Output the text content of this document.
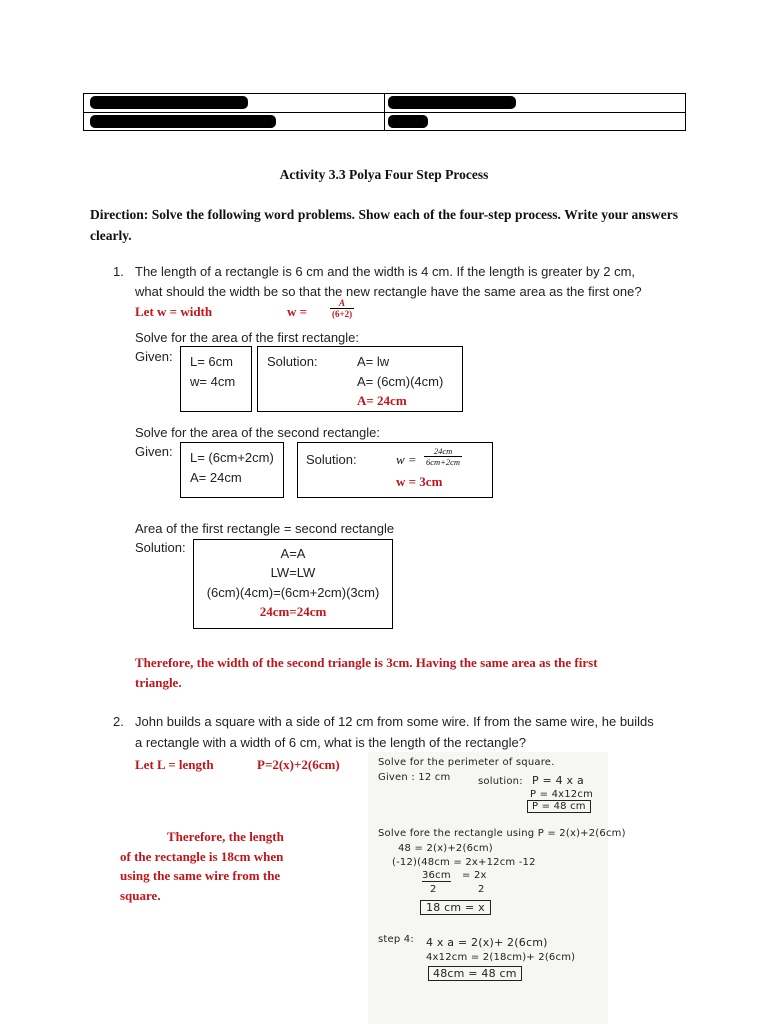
Activity 3.3 Polya Four Step Process
Direction: Solve the following word problems. Show each of the four-step process. Write your answers clearly.
1. The length of a rectangle is 6 cm and the width is 4 cm. If the length is greater by 2 cm,
what should the width be so that the new rectangle have the same area as the first one?
Let w = width	w =	$\frac{A}{(6+2)}$
Solve for the area of the first rectangle:
Given: L= 6cm
w= 4cm
Solution:	A= lw
A= (6cm)(4cm)
A= 24cm
Solve for the area of the second rectangle:
Given: L= (6cm+2cm)
A= 24cm
Solution:	$w = \frac{24cm}{6cm+2cm}$
w = 3cm
Area of the first rectangle = second rectangle
Solution:	A=A
LW=LW
(6cm)(4cm)=(6cm+2cm)(3cm)
24cm=24cm
Therefore, the width of the second triangle is 3cm. Having the same area as the first
triangle.
2. John builds a square with a side of 12 cm from some wire. If from the same wire, he builds
a rectangle with a width of 6 cm, what is the length of the rectangle?
Let L = length	P=2(x)+2(6cm)
Therefore, the length
of the rectangle is 18cm when
using the same wire from the
square.
Solve for the perimeter of square.
Given : 12 cm	solution: P = 4 x a
P = 4x12cm
P = 48 cm
Solve fore the rectangle using P = 2(x)+2(6cm)
48 = 2(x)+2(6cm)
(-12)(48cm = 2x+12cm -12
36cm = 2x
2	2
18 cm = x
step 4: 4 x a = 2(x)+ 2(6cm)
4x12cm = 2(18cm)+ 2(6cm)
48cm = 48 cm
